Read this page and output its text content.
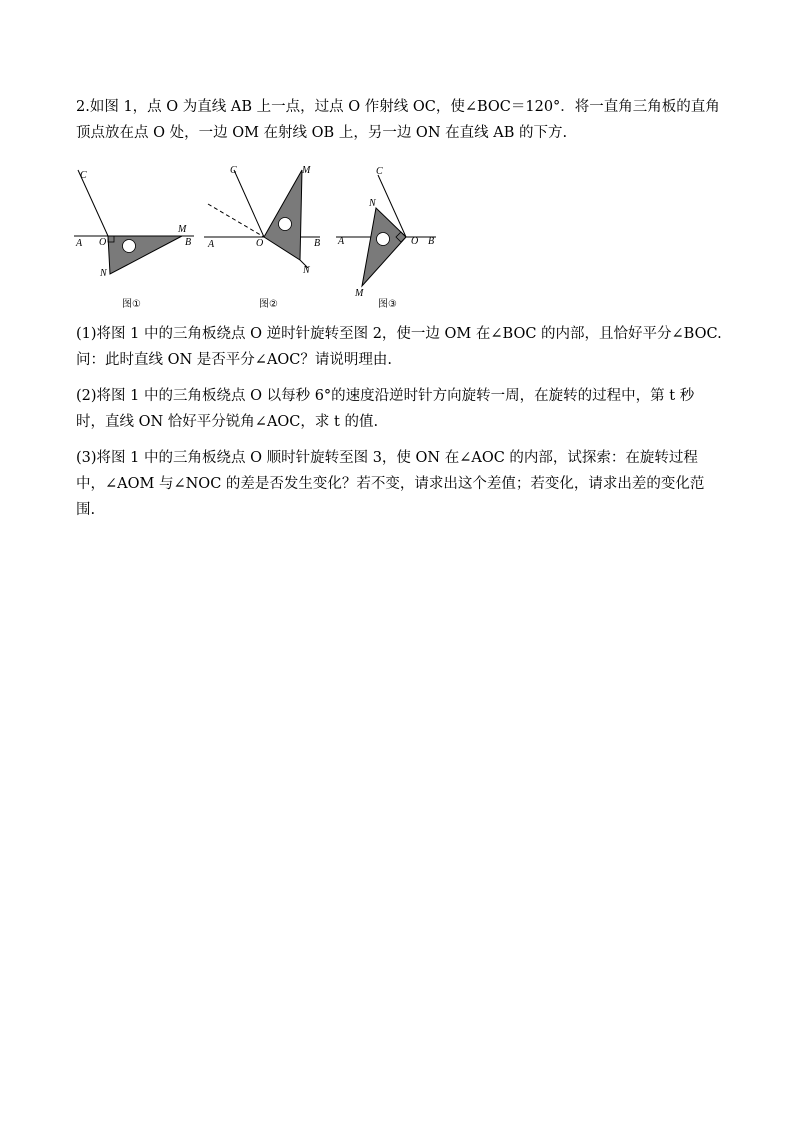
2.如图 1，点 O 为直线 AB 上一点，过点 O 作射线 OC，使∠BOC＝120°．将一直角三角板的直角顶点放在点 O 处，一边 OM 在射线 OB 上，另一边 ON 在直线 AB 的下方.

C
O
M
A	B
N
图①
C	M
A	O	B
N
图②
C
N
A	O B
M
图③

(1)将图 1 中的三角板绕点 O 逆时针旋转至图 2，使一边 OM 在∠BOC 的内部，且恰好平分∠BOC.问：此时直线 ON 是否平分∠AOC？请说明理由.

(2)将图 1 中的三角板绕点 O 以每秒 6°的速度沿逆时针方向旋转一周，在旋转的过程中，第 t 秒时，直线 ON 恰好平分锐角∠AOC，求 t 的值.

(3)将图 1 中的三角板绕点 O 顺时针旋转至图 3，使 ON 在∠AOC 的内部，试探索：在旋转过程中，∠AOM 与∠NOC 的差是否发生变化？若不变，请求出这个差值；若变化，请求出差的变化范围.
